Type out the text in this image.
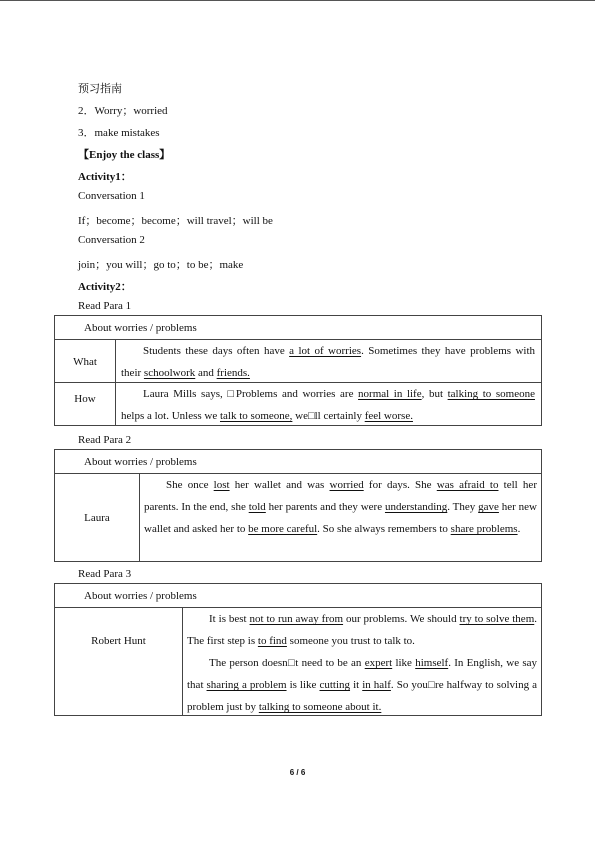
预习指南
2．Worry；worried
3．make mistakes
【Enjoy the class】
Activity1：
Conversation 1
If；become；become；will travel；will be
Conversation 2
join；you will；go to；to be；make
Activity2：
Read Para 1
About worries / problems
What

Students these days often have a lot of worries. Sometimes they have problems with their schoolwork and friends.

How	Laura Mills says, □Problems and worries are normal in life, but talking to someone helps a lot. Unless we talk to someone, we□ll certainly feel worse.

Read Para 2
About worries / problems
Laura

She once lost her wallet and was worried for days. She was afraid to tell her parents. In the end, she told her parents and they were understanding. They gave her new wallet and asked her to be more careful. So she always remembers to share problems.

Read Para 3
About worries / problems
Robert Hunt

It is best not to run away from our problems. We should try to solve them. The first step is to find someone you trust to talk to.

The person doesn□t need to be an expert like himself. In English, we say that sharing a problem is like cutting it in half. So you□re halfway to solving a problem just by talking to someone about it.

6 / 6
